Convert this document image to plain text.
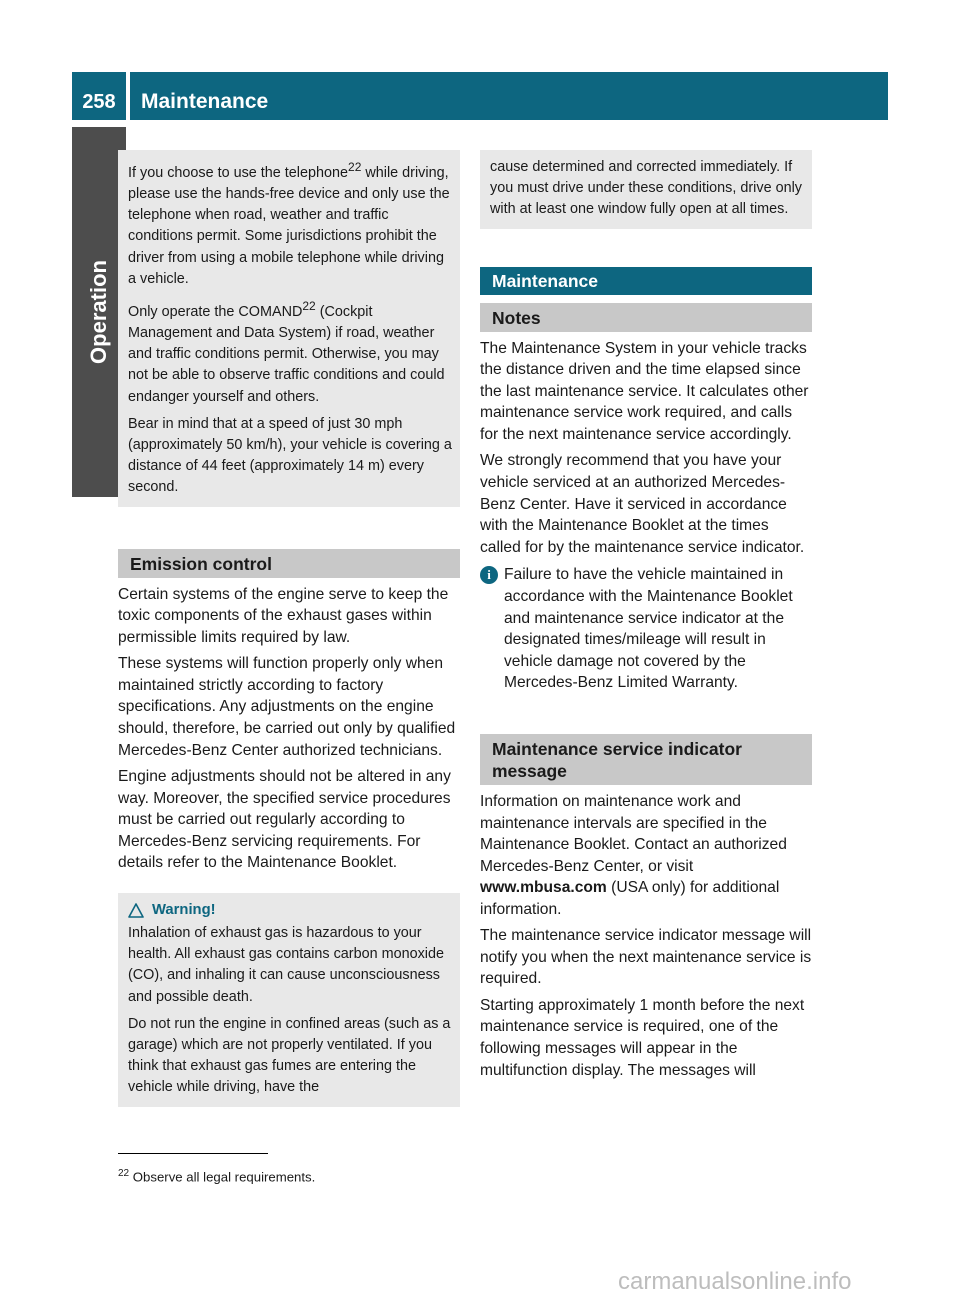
258	Maintenance
Operation

If you choose to use the telephone$^{22}$ while driving, please use the hands-free device and only use the telephone when road, weather and traffic conditions permit. Some jurisdictions prohibit the driver from using a mobile telephone while driving a vehicle.

Only operate the COMAND$^{22}$ (Cockpit Management and Data System) if road, weather and traffic conditions permit. Otherwise, you may not be able to observe traffic conditions and could endanger yourself and others.

Bear in mind that at a speed of just 30 mph (approximately 50 km/h), your vehicle is covering a distance of 44 feet (approximately 14 m) every second.

Emission control

Certain systems of the engine serve to keep the toxic components of the exhaust gases within permissible limits required by law.

These systems will function properly only when maintained strictly according to factory specifications. Any adjustments on the engine should, therefore, be carried out only by qualified Mercedes-Benz Center authorized technicians.

Engine adjustments should not be altered in any way. Moreover, the specified service procedures must be carried out regularly according to Mercedes-Benz servicing requirements. For details refer to the Maintenance Booklet.

Warning!

Inhalation of exhaust gas is hazardous to your health. All exhaust gas contains carbon monoxide (CO), and inhaling it can cause unconsciousness and possible death.

Do not run the engine in confined areas (such as a garage) which are not properly ventilated. If you think that exhaust gas fumes are entering the vehicle while driving, have the

cause determined and corrected immediately. If you must drive under these conditions, drive only with at least one window fully open at all times.

Maintenance
Notes

The Maintenance System in your vehicle tracks the distance driven and the time elapsed since the last maintenance service. It calculates other maintenance service work required, and calls for the next maintenance service accordingly.

We strongly recommend that you have your vehicle serviced at an authorized Mercedes-Benz Center. Have it serviced in accordance with the Maintenance Booklet at the times called for by the maintenance service indicator.

i Failure to have the vehicle maintained in accordance with the Maintenance Booklet and maintenance service indicator at the designated times/mileage will result in vehicle damage not covered by the Mercedes-Benz Limited Warranty.

Maintenance service indicator message

Information on maintenance work and maintenance intervals are specified in the Maintenance Booklet. Contact an authorized Mercedes-Benz Center, or visit www.mbusa.com (USA only) for additional information.

The maintenance service indicator message will notify you when the next maintenance service is required.

Starting approximately 1 month before the next maintenance service is required, one of the following messages will appear in the multifunction display. The messages will

$^{22}$ Observe all legal requirements.
carmanualsonline.info
